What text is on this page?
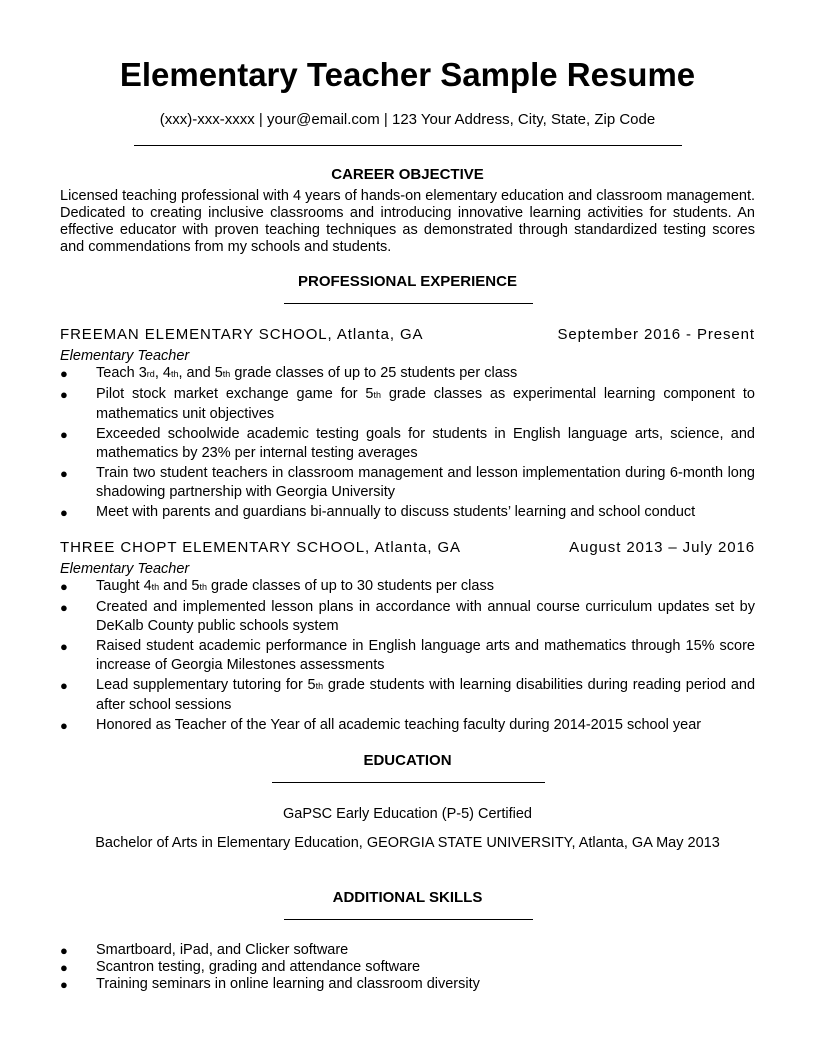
Elementary Teacher Sample Resume
(xxx)-xxx-xxxx | your@email.com | 123 Your Address, City, State, Zip Code
CAREER OBJECTIVE
Licensed teaching professional with 4 years of hands-on elementary education and classroom management. Dedicated to creating inclusive classrooms and introducing innovative learning activities for students. An effective educator with proven teaching techniques as demonstrated through standardized testing scores and commendations from my schools and students.
PROFESSIONAL EXPERIENCE
FREEMAN ELEMENTARY SCHOOL, Atlanta, GA	September 2016 - Present
Elementary Teacher
● Teach 3rd, 4th, and 5th grade classes of up to 25 students per class
● Pilot stock market exchange game for 5th grade classes as experimental learning component to mathematics unit objectives
● Exceeded schoolwide academic testing goals for students in English language arts, science, and mathematics by 23% per internal testing averages
● Train two student teachers in classroom management and lesson implementation during 6-month long shadowing partnership with Georgia University
● Meet with parents and guardians bi-annually to discuss students’ learning and school conduct
THREE CHOPT ELEMENTARY SCHOOL, Atlanta, GA	August 2013 – July 2016
Elementary Teacher
● Taught 4th and 5th grade classes of up to 30 students per class
● Created and implemented lesson plans in accordance with annual course curriculum updates set by DeKalb County public schools system
● Raised student academic performance in English language arts and mathematics through 15% score increase of Georgia Milestones assessments
● Lead supplementary tutoring for 5th grade students with learning disabilities during reading period and after school sessions
● Honored as Teacher of the Year of all academic teaching faculty during 2014-2015 school year
EDUCATION
GaPSC Early Education (P-5) Certified
Bachelor of Arts in Elementary Education, GEORGIA STATE UNIVERSITY, Atlanta, GA May 2013
ADDITIONAL SKILLS
● Smartboard, iPad, and Clicker software
● Scantron testing, grading and attendance software
● Training seminars in online learning and classroom diversity
